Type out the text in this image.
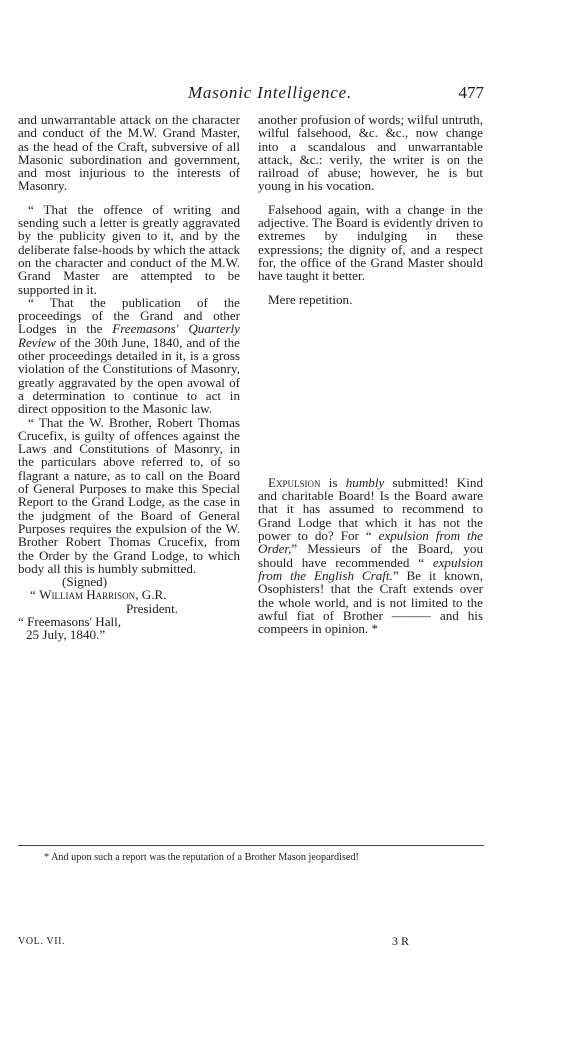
Masonic Intelligence.	477

and unwarrantable attack on the character and conduct of the M.W. Grand Master, as the head of the Craft, subversive of all Masonic subordination and government, and most injurious to the interests of Masonry.

“ That the offence of writing and sending such a letter is greatly aggravated by the publicity given to it, and by the deliberate false-hoods by which the attack on the character and conduct of the M.W. Grand Master are attempted to be supported in it.

“ That the publication of the proceedings of the Grand and other Lodges in the Freemasons' Quarterly Review of the 30th June, 1840, and of the other proceedings detailed in it, is a gross violation of the Constitutions of Masonry, greatly aggravated by the open avowal of a determination to continue to act in direct opposition to the Masonic law.

“ That the W. Brother, Robert Thomas Crucefix, is guilty of offences against the Laws and Constitutions of Masonry, in the particulars above referred to, of so flagrant a nature, as to call on the Board of General Purposes to make this Special Report to the Grand Lodge, as the case in the judgment of the Board of General Purposes requires the expulsion of the W. Brother Robert Thomas Crucefix, from the Order by the Grand Lodge, to which body all this is humbly submitted.

(Signed)

“ William Harrison, G.R.

President.

“ Freemasons' Hall,

25 July, 1840.”

another profusion of words; wilful untruth, wilful falsehood, &c. &c., now change into a scandalous and unwarrantable attack, &c.: verily, the writer is on the railroad of abuse; however, he is but young in his vocation.

Falsehood again, with a change in the adjective. The Board is evidently driven to extremes by indulging in these expressions; the dignity of, and a respect for, the office of the Grand Master should have taught it better.

Mere repetition.

Expulsion is humbly submitted! Kind and charitable Board! Is the Board aware that it has assumed to recommend to Grand Lodge that which it has not the power to do? For “ expulsion from the Order,” Messieurs of the Board, you should have recommended “ expulsion from the English Craft.” Be it known, Osophisters! that the Craft extends over the whole world, and is not limited to the awful fiat of Brother ——— and his compeers in opinion. *

* And upon such a report was the reputation of a Brother Mason jeopardised!
VOL. VII.	3 R
